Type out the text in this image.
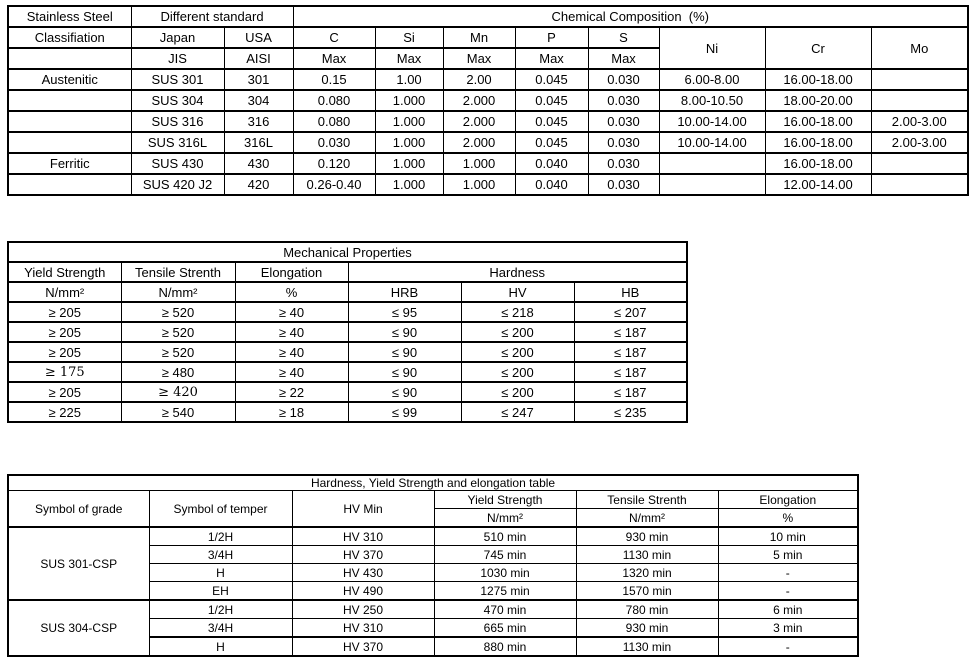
Stainless Steel	Different standard		Chemical Composition  (%)							
Classifiation	Japan	USA	C	Si	Mn	P	S	Ni	Cr	Mo
	JIS	AISI	Max	Max	Max	Max	Max			
Austenitic	SUS 301	301	0.15	1.00	2.00	0.045	0.030	6.00-8.00	16.00-18.00	
	SUS 304	304	0.080	1.000	2.000	0.045	0.030	8.00-10.50	18.00-20.00	
	SUS 316	316	0.080	1.000	2.000	0.045	0.030	10.00-14.00	16.00-18.00	2.00-3.00
	SUS 316L	316L	0.030	1.000	2.000	0.045	0.030	10.00-14.00	16.00-18.00	2.00-3.00
Ferritic	SUS 430	430	0.120	1.000	1.000	0.040	0.030		16.00-18.00	
	SUS 420 J2	420	0.26-0.40	1.000	1.000	0.040	0.030		12.00-14.00	
Mechanical Properties					
Yield Strength	Tensile Strenth	Elongation	Hardness		
N/mm²	N/mm²	%	HRB	HV	HB
≥ 205	≥ 520	≥ 40	≤ 95	≤ 218	≤ 207
≥ 205	≥ 520	≥ 40	≤ 90	≤ 200	≤ 187
≥ 205	≥ 520	≥ 40	≤ 90	≤ 200	≤ 187
≥ 175	≥ 480	≥ 40	≤ 90	≤ 200	≤ 187
≥ 205	≥ 420	≥ 22	≤ 90	≤ 200	≤ 187
≥ 225	≥ 540	≥ 18	≤ 99	≤ 247	≤ 235
Hardness, Yield Strength and elongation table					
Symbol of grade	Symbol of temper	HV Min	Yield Strength	Tensile Strenth	Elongation
			N/mm²	N/mm²	%
SUS 301-CSP	1/2H	HV 310	510 min	930 min	10 min
	3/4H	HV 370	745 min	1130 min	5 min
	H	HV 430	1030 min	1320 min	-
	EH	HV 490	1275 min	1570 min	-
SUS 304-CSP	1/2H	HV 250	470 min	780 min	6 min
	3/4H	HV 310	665 min	930 min	3 min
	H	HV 370	880 min	1130 min	-
